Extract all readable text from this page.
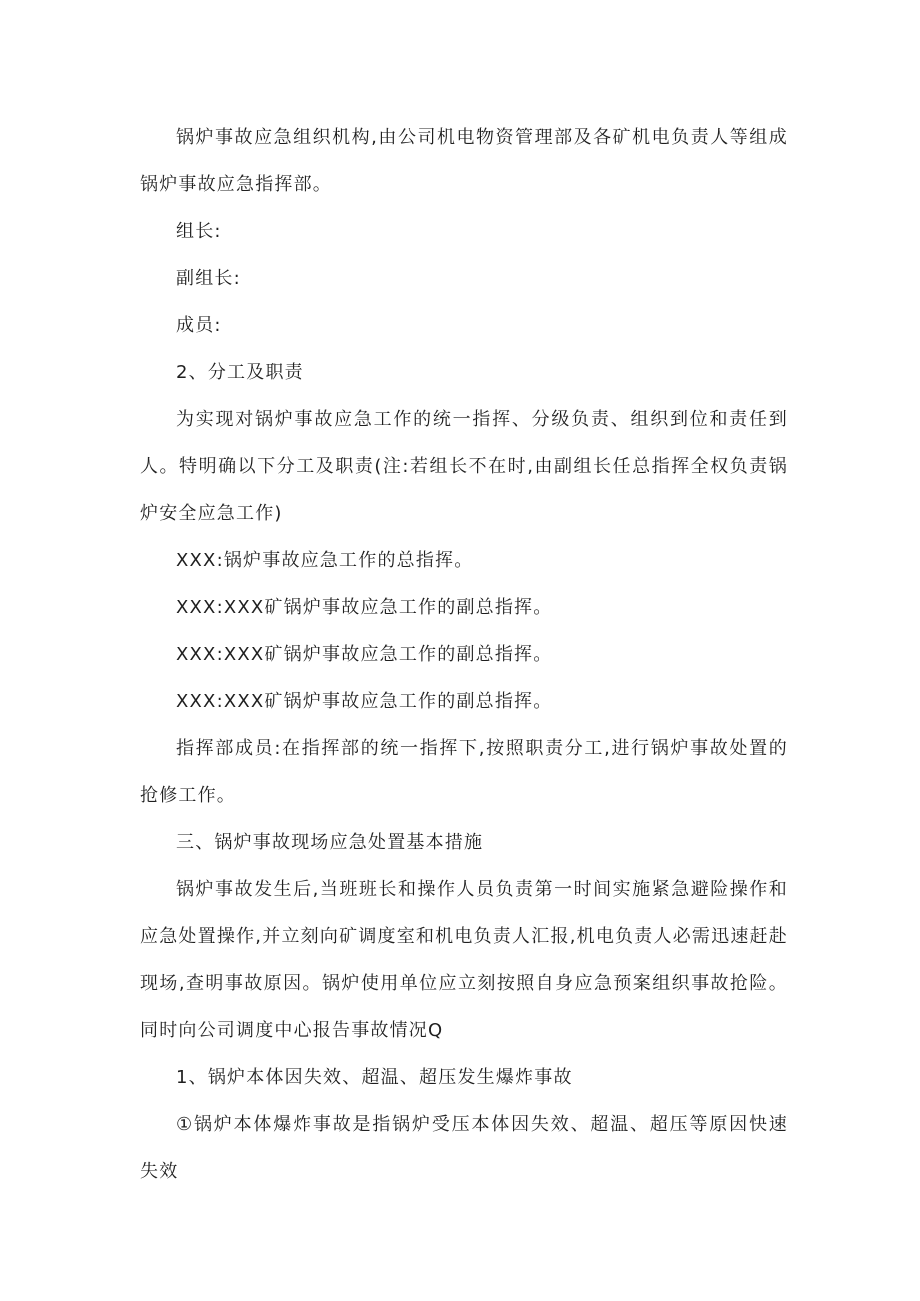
锅炉事故应急组织机构,由公司机电物资管理部及各矿机电负责人等组成锅炉事故应急指挥部。

组长:

副组长:

成员:

2、分工及职责

为实现对锅炉事故应急工作的统一指挥、分级负责、组织到位和责任到人。特明确以下分工及职责(注:若组长不在时,由副组长任总指挥全权负责锅炉安全应急工作)

XXX:锅炉事故应急工作的总指挥。

XXX:XXX矿锅炉事故应急工作的副总指挥。

XXX:XXX矿锅炉事故应急工作的副总指挥。

XXX:XXX矿锅炉事故应急工作的副总指挥。

指挥部成员:在指挥部的统一指挥下,按照职责分工,进行锅炉事故处置的抢修工作。

三、锅炉事故现场应急处置基本措施

锅炉事故发生后,当班班长和操作人员负责第一时间实施紧急避险操作和应急处置操作,并立刻向矿调度室和机电负责人汇报,机电负责人必需迅速赶赴现场,查明事故原因。锅炉使用单位应立刻按照自身应急预案组织事故抢险。同时向公司调度中心报告事故情况Q

1、锅炉本体因失效、超温、超压发生爆炸事故

①锅炉本体爆炸事故是指锅炉受压本体因失效、超温、超压等原因快速失效
